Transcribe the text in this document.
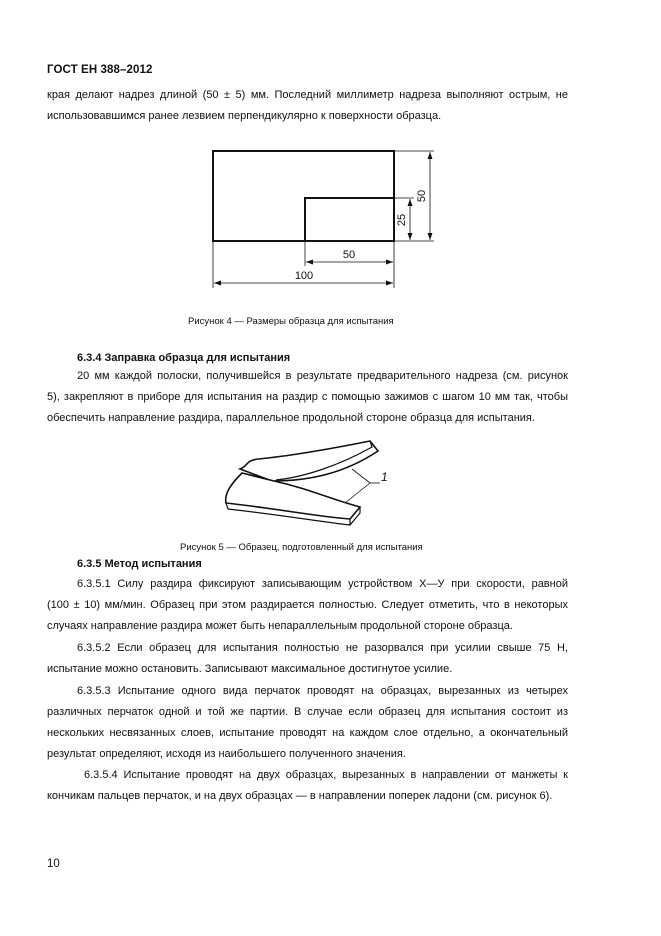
ГОСТ ЕН 388–2012
края делают надрез длиной (50 ± 5) мм. Последний миллиметр надреза выполняют острым, не
использовавшимся ранее лезвием перпендикулярно к поверхности образца.
50
25
50
100
Рисунок 4 — Размеры образца для испытания
6.3.4 Заправка образца для испытания
20 мм каждой полоски, получившейся в результате предварительного надреза (см. рисунок
5), закрепляют в приборе для испытания на раздир с помощью зажимов с шагом 10 мм так, чтобы
обеспечить направление раздира, параллельное продольной стороне образца для испытания.
1
Рисунок 5 — Образец, подготовленный для испытания
6.3.5 Метод испытания
6.3.5.1 Силу раздира фиксируют записывающим устройством Х—У при скорости, равной
(100 ± 10) мм/мин. Образец при этом раздирается полностью. Следует отметить, что в некоторых
случаях направление раздира может быть непараллельным продольной стороне образца.
6.3.5.2 Если образец для испытания полностью не разорвался при усилии свыше 75 Н,
испытание можно остановить. Записывают максимальное достигнутое усилие.
6.3.5.3 Испытание одного вида перчаток проводят на образцах, вырезанных из четырех
различных перчаток одной и той же партии. В случае если образец для испытания состоит из
нескольких несвязанных слоев, испытание проводят на каждом слое отдельно, а окончательный
результат определяют, исходя из наибольшего полученного значения.
6.3.5.4 Испытание проводят на двух образцах, вырезанных в направлении от манжеты к
кончикам пальцев перчаток, и на двух образцах — в направлении поперек ладони (см. рисунок 6).
10
